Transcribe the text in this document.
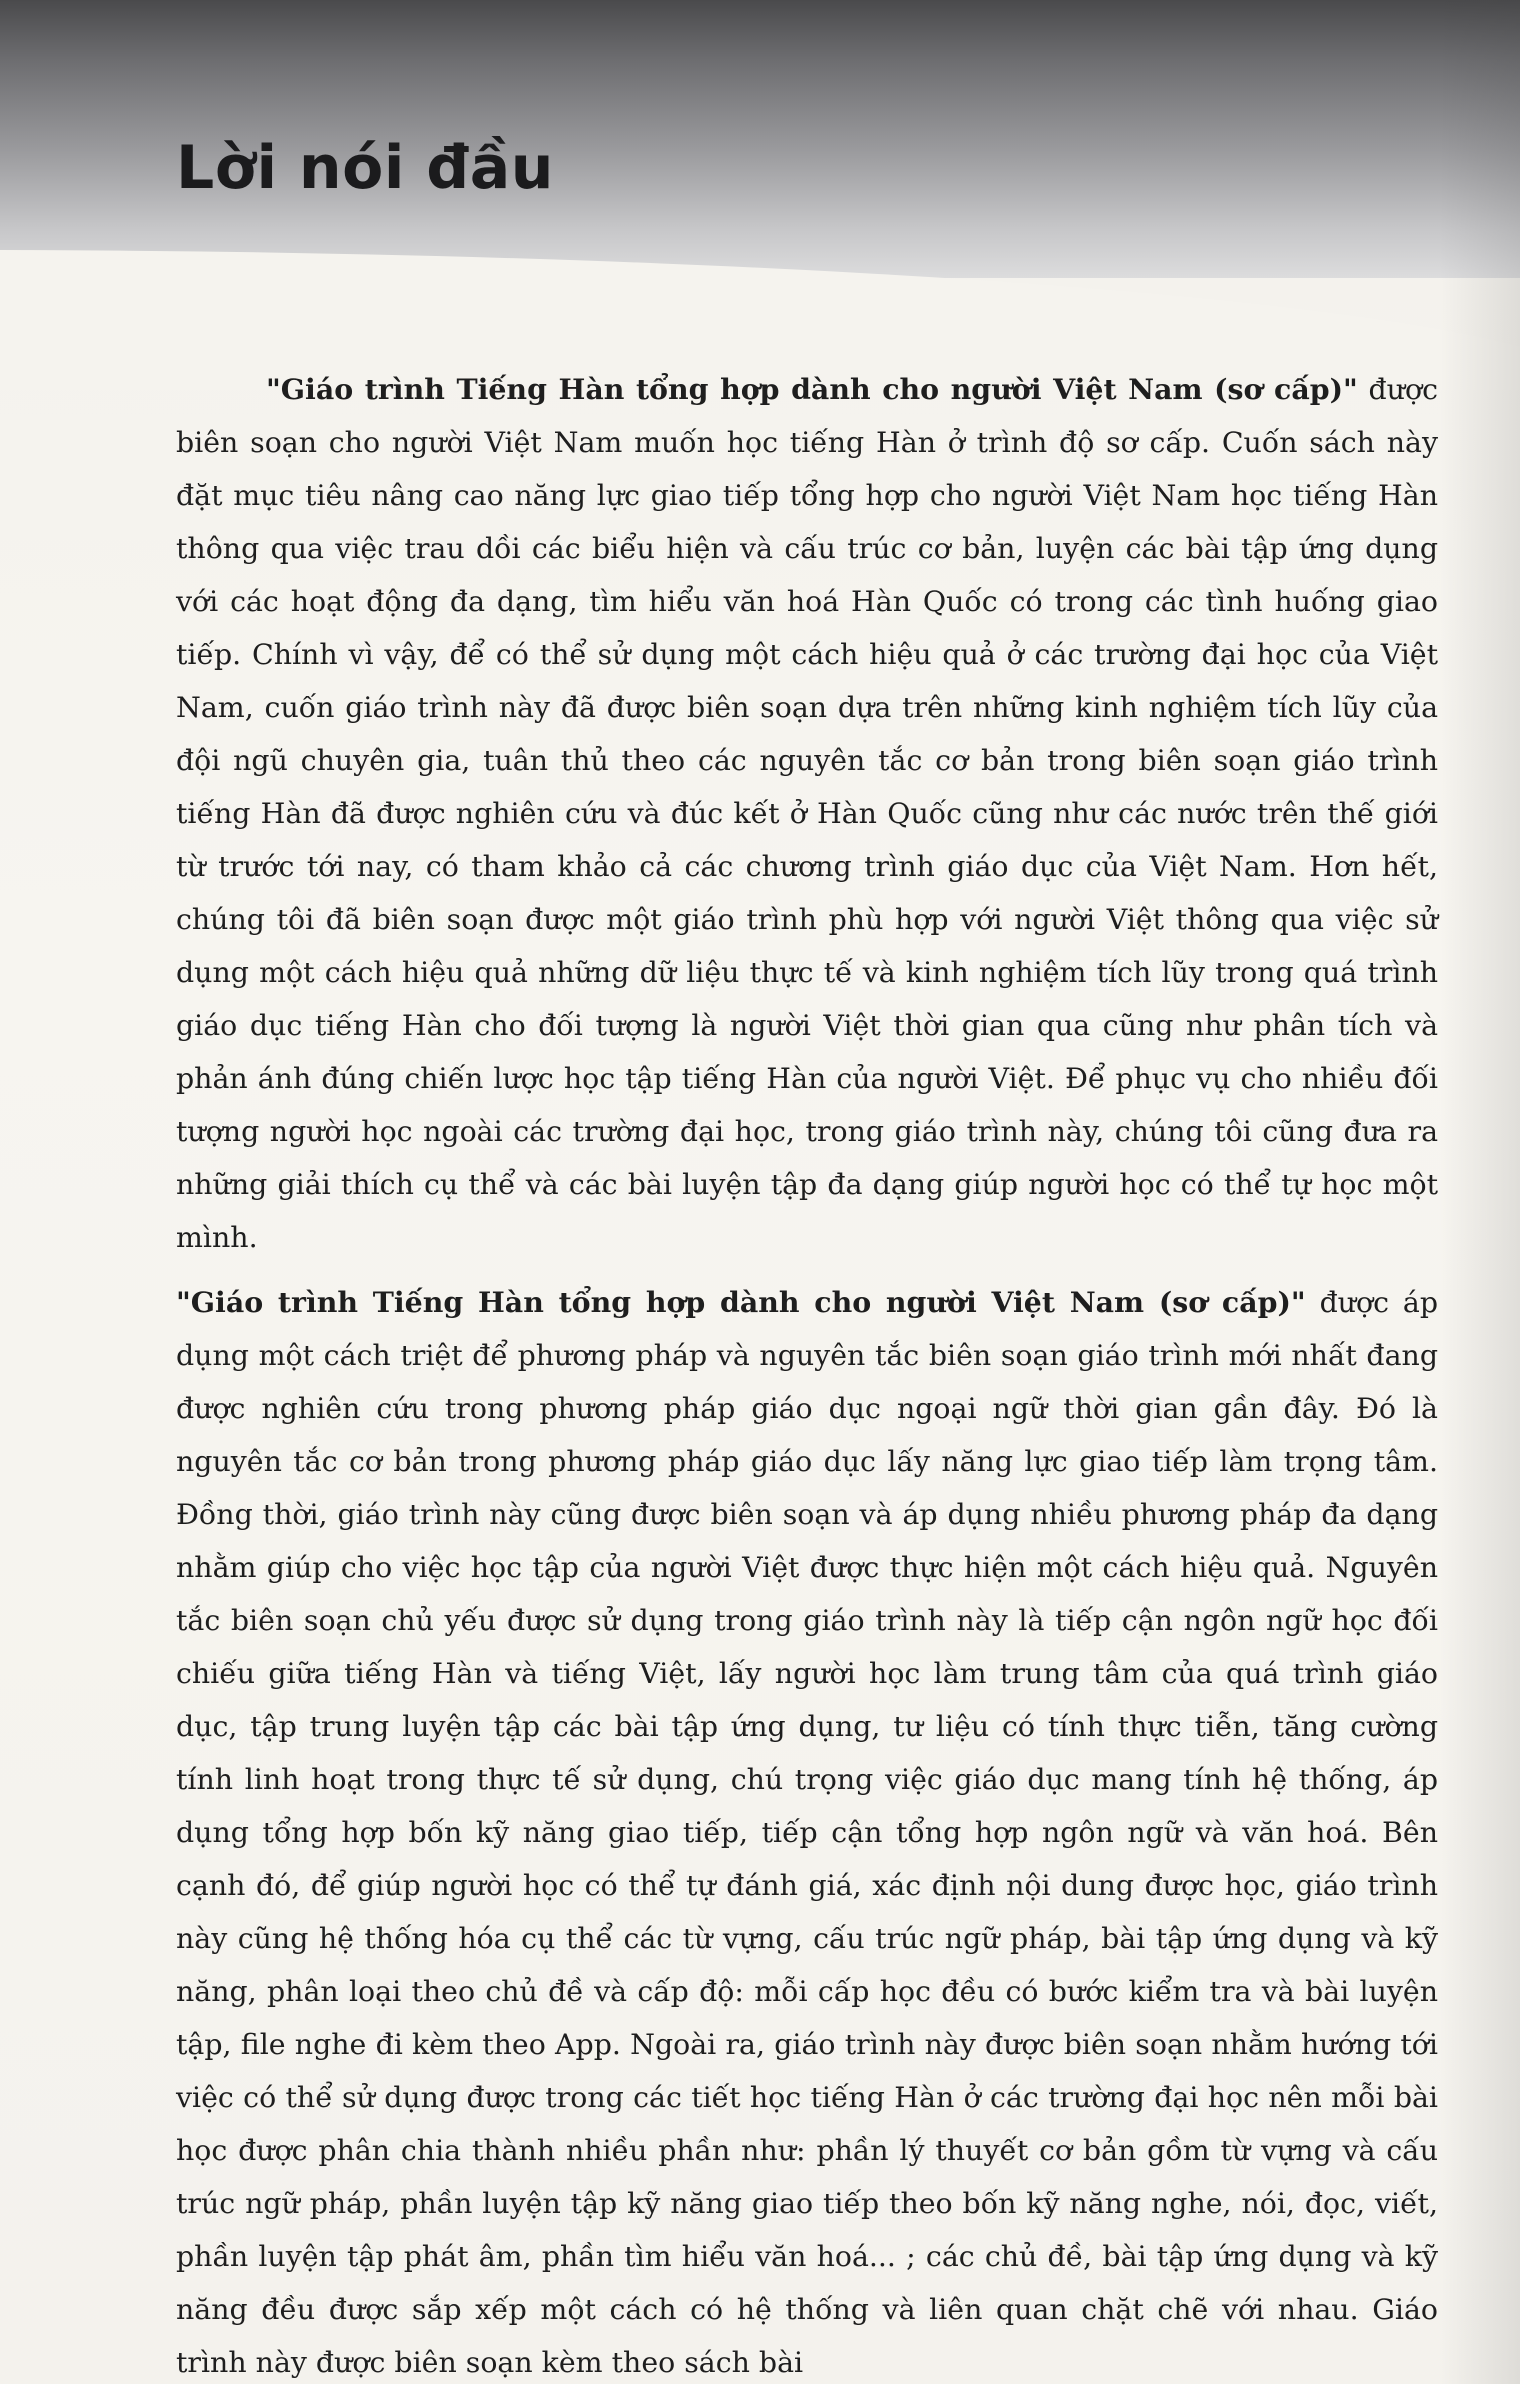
Lời nói đầu

"Giáo trình Tiếng Hàn tổng hợp dành cho người Việt Nam (sơ cấp)" được biên soạn cho người Việt Nam muốn học tiếng Hàn ở trình độ sơ cấp. Cuốn sách này đặt mục tiêu nâng cao năng lực giao tiếp tổng hợp cho người Việt Nam học tiếng Hàn thông qua việc trau dồi các biểu hiện và cấu trúc cơ bản, luyện các bài tập ứng dụng với các hoạt động đa dạng, tìm hiểu văn hoá Hàn Quốc có trong các tình huống giao tiếp. Chính vì vậy, để có thể sử dụng một cách hiệu quả ở các trường đại học của Việt Nam, cuốn giáo trình này đã được biên soạn dựa trên những kinh nghiệm tích lũy của đội ngũ chuyên gia, tuân thủ theo các nguyên tắc cơ bản trong biên soạn giáo trình tiếng Hàn đã được nghiên cứu và đúc kết ở Hàn Quốc cũng như các nước trên thế giới từ trước tới nay, có tham khảo cả các chương trình giáo dục của Việt Nam. Hơn hết, chúng tôi đã biên soạn được một giáo trình phù hợp với người Việt thông qua việc sử dụng một cách hiệu quả những dữ liệu thực tế và kinh nghiệm tích lũy trong quá trình giáo dục tiếng Hàn cho đối tượng là người Việt thời gian qua cũng như phân tích và phản ánh đúng chiến lược học tập tiếng Hàn của người Việt. Để phục vụ cho nhiều đối tượng người học ngoài các trường đại học, trong giáo trình này, chúng tôi cũng đưa ra những giải thích cụ thể và các bài luyện tập đa dạng giúp người học có thể tự học một mình.

"Giáo trình Tiếng Hàn tổng hợp dành cho người Việt Nam (sơ cấp)" được áp dụng một cách triệt để phương pháp và nguyên tắc biên soạn giáo trình mới nhất đang được nghiên cứu trong phương pháp giáo dục ngoại ngữ thời gian gần đây. Đó là nguyên tắc cơ bản trong phương pháp giáo dục lấy năng lực giao tiếp làm trọng tâm. Đồng thời, giáo trình này cũng được biên soạn và áp dụng nhiều phương pháp đa dạng nhằm giúp cho việc học tập của người Việt được thực hiện một cách hiệu quả. Nguyên tắc biên soạn chủ yếu được sử dụng trong giáo trình này là tiếp cận ngôn ngữ học đối chiếu giữa tiếng Hàn và tiếng Việt, lấy người học làm trung tâm của quá trình giáo dục, tập trung luyện tập các bài tập ứng dụng, tư liệu có tính thực tiễn, tăng cường tính linh hoạt trong thực tế sử dụng, chú trọng việc giáo dục mang tính hệ thống, áp dụng tổng hợp bốn kỹ năng giao tiếp, tiếp cận tổng hợp ngôn ngữ và văn hoá. Bên cạnh đó, để giúp người học có thể tự đánh giá, xác định nội dung được học, giáo trình này cũng hệ thống hóa cụ thể các từ vựng, cấu trúc ngữ pháp, bài tập ứng dụng và kỹ năng, phân loại theo chủ đề và cấp độ: mỗi cấp học đều có bước kiểm tra và bài luyện tập, file nghe đi kèm theo App. Ngoài ra, giáo trình này được biên soạn nhằm hướng tới việc có thể sử dụng được trong các tiết học tiếng Hàn ở các trường đại học nên mỗi bài học được phân chia thành nhiều phần như: phần lý thuyết cơ bản gồm từ vựng và cấu trúc ngữ pháp, phần luyện tập kỹ năng giao tiếp theo bốn kỹ năng nghe, nói, đọc, viết, phần luyện tập phát âm, phần tìm hiểu văn hoá... ; các chủ đề, bài tập ứng dụng và kỹ năng đều được sắp xếp một cách có hệ thống và liên quan chặt chẽ với nhau. Giáo trình này được biên soạn kèm theo sách bài
